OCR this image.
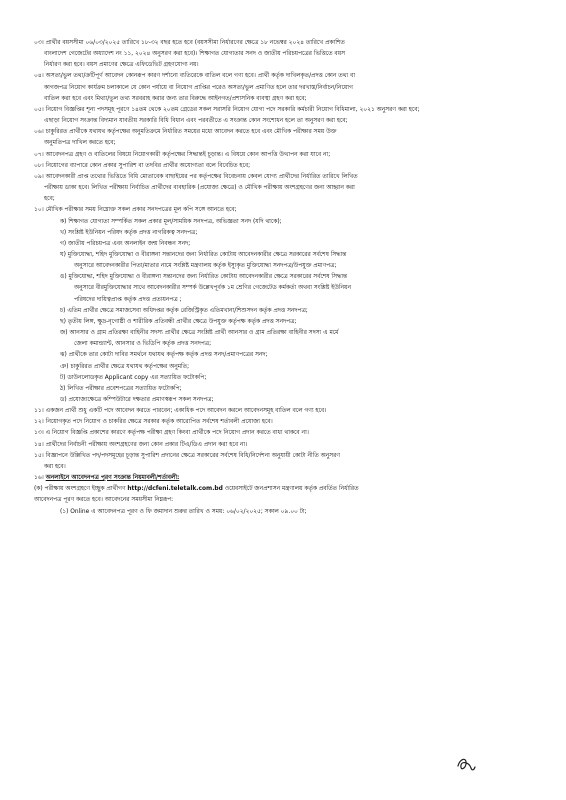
০৩। প্রার্থীর বয়সসীমা ০৬/০৩/২০২৫ তারিখে ১৮-৩২ বছর হতে হবে (বয়সসীমা নির্ধারণের ক্ষেত্রে ১৮ নভেম্বর ২০২৪ তারিখে প্রকাশিত
বাংলাদেশ গেজেটের অধ্যাদেশ নং ১১, ২০২৪ অনুসরণ করা হবে)। শিক্ষাগত যোগ্যতার সনদ ও জাতীয় পরিচয়পত্রের ভিত্তিতে বয়স
নির্ধারণ করা হবে। বয়স প্রমাণের ক্ষেত্রে এফিডেভিট গ্রহণযোগ্য নয়।
০৪। অসত্য/ভুল তথ্য/ক্রটিপূর্ণ আবেদন কোনরূপ কারণ দর্শানো ব্যতিরেকে বাতিল বলে গণ্য হবে। প্রার্থী কর্তৃক দাখিলকৃত/প্রদত্ত কোন তথ্য বা
কাগজপত্র নিয়োগ কার্যক্রম চলাকালে যে কোন পর্যায়ে বা নিয়োগ প্রাপ্তির পরেও অসত্য/ভুল প্রমাণিত হলে তার দরখাস্ত/নির্বাচন/নিয়োগ
বাতিল করা হবে এবং মিথ্যা/ভুল তথ্য সরবরাহ করার জন্য তার বিরুদ্ধে আইনগত/প্রশাসনিক ব্যবস্থা গ্রহণ করা হবে;
০৫। নিয়োগ বিজ্ঞপ্তির শূন্য পদসমূহ পূরণে ১৪তম থেকে ২০তম গ্রেডের সকল সরাসরি নিয়োগ যোগ্য পদে সরকারি কর্মচারী নিয়োগ বিধিমালা, ২০২১ অনুসরণ করা হবে;
এছাড়া নিয়োগ সংক্রান্ত বিদ্যমান যাবতীয় সরকারি বিধি বিধান এবং পরবর্তীতে এ সংক্রান্ত কোন সংশোধন হলে তা অনুসরণ করা হবে;
০৬। চাকুরিরত প্রার্থীকে যথাযথ কর্তৃপক্ষের অনুমতিক্রমে নির্ধারিত সময়ের মধ্যে আবেদন করতে হবে এবং মৌখিক পরীক্ষার সময় উক্ত
অনুমতিপত্র দাখিল করতে হবে;
০৭। আবেদনপত্র গ্রহণ ও বাতিলের বিষয়ে নিয়োগকারী কর্তৃপক্ষের সিদ্ধান্তই চূড়ান্ত। এ বিষয়ে কোন আপত্তি উত্থাপন করা যাবে না;
০৮। নিয়োগের ব্যাপারে কোন প্রকার সুপারিশ বা তদবির প্রার্থীর অযোগ্যতা বলে বিবেচিত হবে;
০৯। আবেদনকারী প্রাপ্ত তথ্যের ভিত্তিতে বিধি মোতাবেক বাছাইয়ের পর কর্তৃপক্ষের বিবেচনায় কেবল যোগ্য প্রার্থীদের নির্ধারিত তারিখে লিখিত
পরীক্ষায় ডাকা হবে। লিখিত পরীক্ষায় নির্বাচিত প্রার্থীদের ব্যবহারিক (প্রযোজ্য ক্ষেত্রে) ও মৌখিক পরীক্ষায় অংশগ্রহণের জন্য আহ্বান করা
হবে;
১০। মৌখিক পরীক্ষার সময় নিম্নোক্ত সকল প্রকার সনদপত্রের মূল কপি সঙ্গে আনতে হবে;
ক) শিক্ষাগত যোগ্যতা সম্পর্কিত সকল প্রকার মূল/সাময়িক সনদপত্র, অভিজ্ঞতা সনদ (যদি থাকে);
খ) সংশ্লিষ্ট ইউনিয়ন পরিষদ কর্তৃক প্রদত্ত নাগরিকত্ব সনদপত্র;
গ) জাতীয় পরিচয়পত্র এবং অনলাইন জন্ম নিবন্ধন সনদ;
ঘ) মুক্তিযোদ্ধা, শহিদ মুক্তিযোদ্ধা ও বীরাঙ্গনা সন্তানদের জন্য নির্ধারিত কোটায় আবেদনকারীর ক্ষেত্রে সরকারের সর্বশেষ সিদ্ধান্ত
অনুসারে আবেদনকারীর পিতা/মাতার নামে সংশ্লিষ্ট মন্ত্রণালয় কর্তৃক ইস্যুকৃত মুক্তিযোদ্ধা সনদপত্র/উপযুক্ত প্রমাণপত্র;
ঙ) মুক্তিযোদ্ধা, শহিদ মুক্তিযোদ্ধা ও বীরাঙ্গনা সন্তানদের জন্য নির্ধারিত কোটায় আবেদনকারীর ক্ষেত্রে সরকারের সর্বশেষ সিদ্ধান্ত
অনুসারে বীরমুক্তিযোদ্ধার সাথে আবেদনকারীর সম্পর্ক উল্লেখপূর্বক ১ম শ্রেণির গেজেটেড কর্মকর্তা অথবা সংশ্লিষ্ট ইউনিয়ন
পরিষদের দায়িত্বপ্রাপ্ত কর্তৃক প্রদত্ত প্রত্যয়নপত্র ;
চ) এতিম প্রার্থীর ক্ষেত্রে সমাজসেবা অধিদপ্তর কর্তৃক রেজিস্ট্রিকৃত এতিমখানা/শিশুসদন কর্তৃক প্রদত্ত সনদপত্র;
ছ) তৃতীয় লিঙ্গ, ক্ষুদ্র-নৃগোষ্ঠী ও শারীরিক প্রতিবন্ধী প্রার্থীর ক্ষেত্রে উপযুক্ত কর্তৃপক্ষ কর্তৃক প্রদত্ত সনদপত্র;
জ) আনসার ও গ্রাম প্রতিরক্ষা বাহিনীর সদস্য প্রার্থীর ক্ষেত্রে সংশ্লিষ্ট প্রার্থী আনসার ও গ্রাম প্রতিরক্ষা বাহিনীর সদস্য এ মর্মে
জেলা কমান্ড্যান্ট, আনসার ও ভিডিপি কর্তৃক প্রদত্ত সনদপত্র;
ঝ) প্রার্থীকে তার কোটা দাবির সমর্থনে যথাযথ কর্তৃপক্ষ কর্তৃক প্রদত্ত সনদ/প্রমাণপত্রের সনদ;
ঞ) চাকুরিরত প্রার্থীর ক্ষেত্রে যথাযথ কর্তৃপক্ষের অনুমতি;
ট) ডাউনলোডকৃত Applicant copy এর সত্যায়িত ফটোকপি;
ঠ) লিখিত পরীক্ষার প্রবেশপত্রের সত্যায়িত ফটোকপি;
ড) প্রযোজ্যক্ষেত্রে কম্পিউটারে দক্ষতার প্রমাণস্বরূপ সকল সনদপত্র;
১১। একজন প্রার্থী শুধু একটি পদে আবেদন করতে পারবেন; একাধিক পদে আবেদন করলে আবেদনসমূহ বাতিল বলে গণ্য হবে।
১২। নিয়োগকৃত পদে নিয়োগ ও চাকরির ক্ষেত্রে সরকার কর্তৃক আরোপিত সর্বশেষ শর্তাবলী প্রযোজ্য হবে।
১৩। এ নিয়োগ বিজ্ঞপ্তি প্রকাশের কারণে কর্তৃপক্ষ পরীক্ষা গ্রহণ কিংবা প্রার্থীকে পদে নিয়োগ প্রদান করতে বাধ্য থাকবে না।
১৪। প্রার্থীদের নির্বাচনী পরীক্ষায় অংশগ্রহণের জন্য কোন প্রকার টিএ/ডিএ প্রদান করা হবে না।
১৫। বিজ্ঞাপনে উল্লিখিত পদ/পদসমূহের চূড়ান্ত সুপারিশ প্রদানের ক্ষেত্রে সরকারের সর্বশেষ বিধি/নির্দেশনা অনুযায়ী কোটা নীতি অনুসরণ
করা হবে।
১৬। অনলাইনে আবেদনপত্র পূরণ সংক্রান্ত নিয়মাবলী/শর্তাবলী:
(ক) পরীক্ষায় অংশগ্রহণে ইচ্ছুক প্রার্থীগণ http://dcfeni.teletalk.com.bd ওয়েবসাইটে জনপ্রশাসন মন্ত্রণালয় কর্তৃক প্রবর্তিত নির্ধারিত
আবেদনপত্র পূরণ করতে হবে। আবেদনের সময়সীমা নিম্নরূপ:
(১) Online এ আবেদনপত্র পূরণ ও ফি জমাদান শুরুর তারিখ ও সময়: ০৬/০২/২০২৫; সকাল ০৯.০০ টা;
